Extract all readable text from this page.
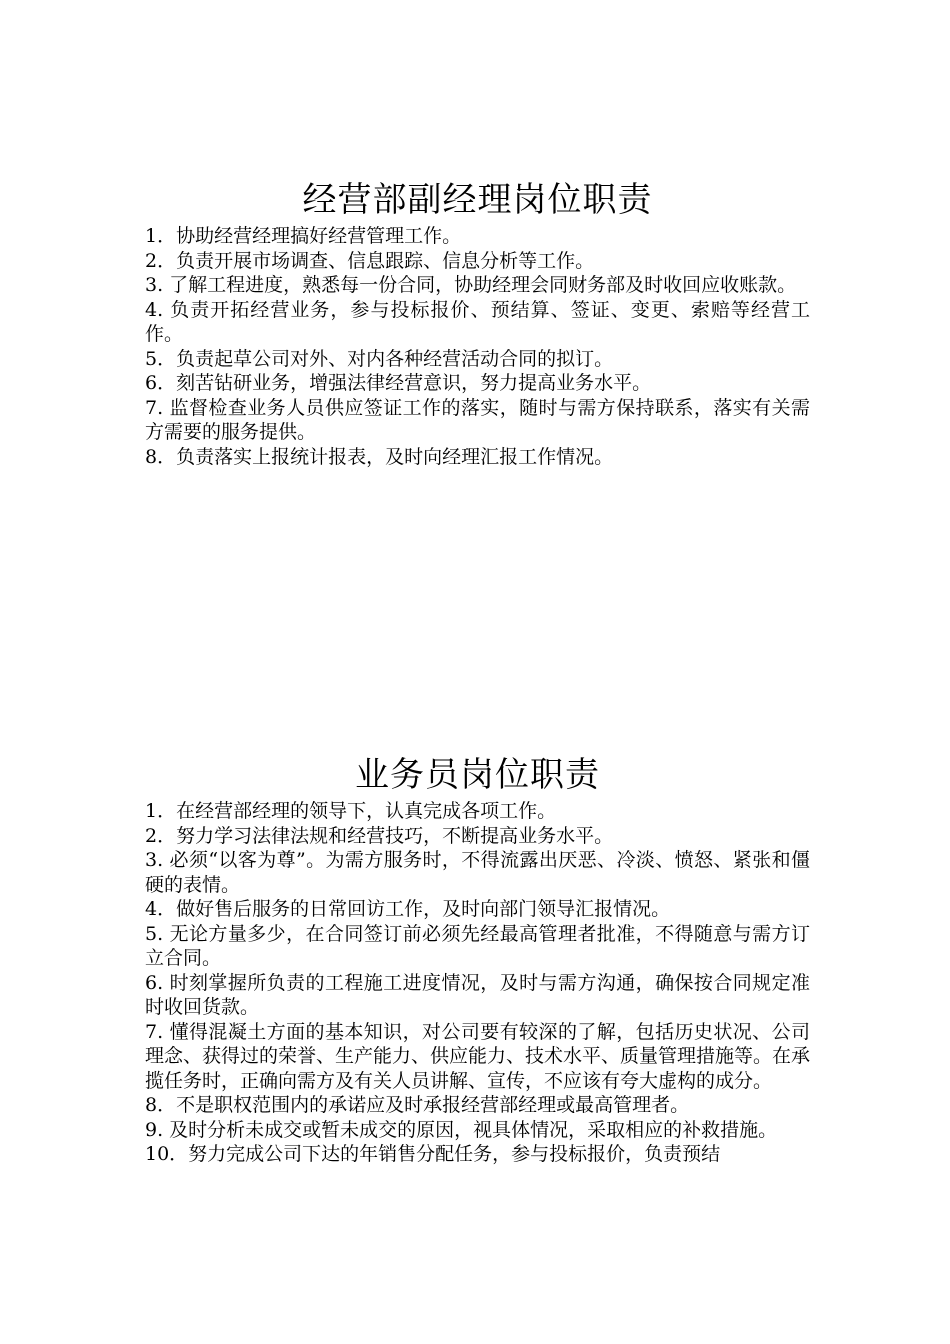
经营部副经理岗位职责

1．协助经营经理搞好经营管理工作。

2．负责开展市场调查、信息跟踪、信息分析等工作。

3. 了解工程进度，熟悉每一份合同，协助经理会同财务部及时收回应收账款。

4. 负责开拓经营业务，参与投标报价、预结算、签证、变更、索赔等经营工作。

5．负责起草公司对外、对内各种经营活动合同的拟订。

6．刻苦钻研业务，增强法律经营意识，努力提高业务水平。

7. 监督检查业务人员供应签证工作的落实，随时与需方保持联系，落实有关需方需要的服务提供。

8．负责落实上报统计报表，及时向经理汇报工作情况。

业务员岗位职责

1．在经营部经理的领导下，认真完成各项工作。

2．努力学习法律法规和经营技巧，不断提高业务水平。

3. 必须“以客为尊”。为需方服务时，不得流露出厌恶、冷淡、愤怒、紧张和僵硬的表情。

4．做好售后服务的日常回访工作，及时向部门领导汇报情况。

5. 无论方量多少，在合同签订前必须先经最高管理者批准，不得随意与需方订立合同。

6. 时刻掌握所负责的工程施工进度情况，及时与需方沟通，确保按合同规定准时收回货款。

7. 懂得混凝土方面的基本知识，对公司要有较深的了解，包括历史状况、公司理念、获得过的荣誉、生产能力、供应能力、技术水平、质量管理措施等。在承揽任务时，正确向需方及有关人员讲解、宣传，不应该有夸大虚构的成分。

8．不是职权范围内的承诺应及时承报经营部经理或最高管理者。

9. 及时分析未成交或暂未成交的原因，视具体情况，采取相应的补救措施。

10．努力完成公司下达的年销售分配任务，参与投标报价，负责预结
